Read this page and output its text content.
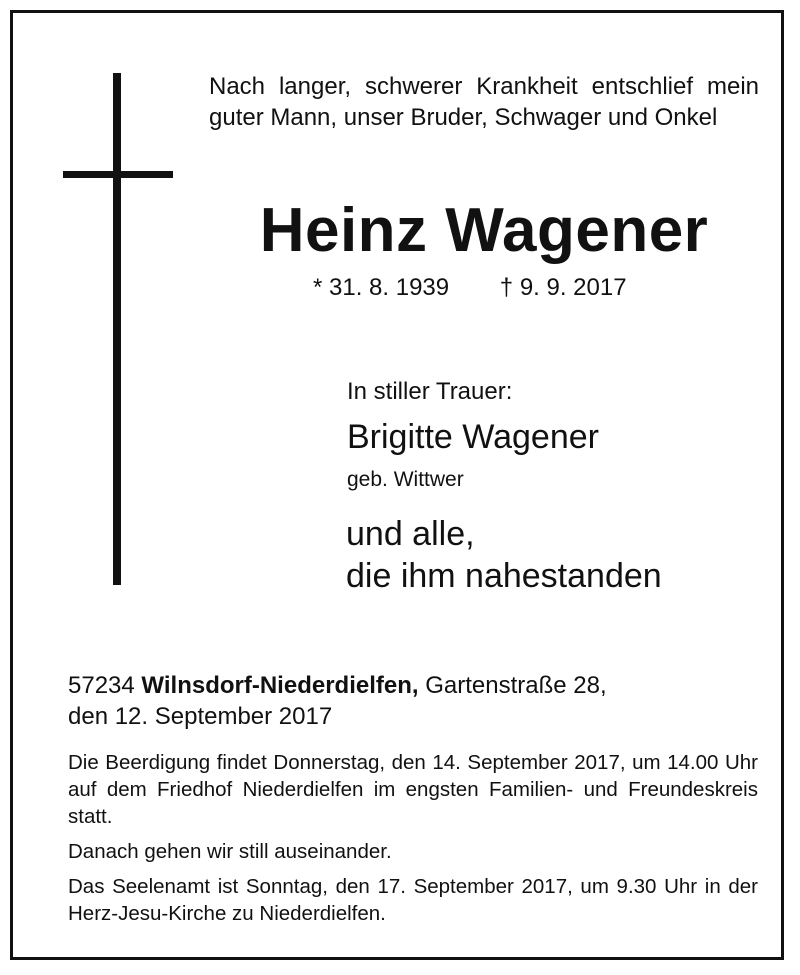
Nach langer, schwerer Krankheit entschlief mein guter Mann, unser Bruder, Schwager und Onkel

Heinz Wagener
* 31. 8. 1939 † 9. 9. 2017
In stiller Trauer:
Brigitte Wagener
geb. Wittwer
und alle,
die ihm nahestanden
57234 Wilnsdorf-Niederdielfen, Gartenstraße 28,
den 12. September 2017

Die Beerdigung findet Donnerstag, den 14. September 2017, um 14.00 Uhr auf dem Friedhof Niederdielfen im engsten Familien- und Freundeskreis statt.

Danach gehen wir still auseinander.

Das Seelenamt ist Sonntag, den 17. September 2017, um 9.30 Uhr in der Herz-Jesu-Kirche zu Niederdielfen.
